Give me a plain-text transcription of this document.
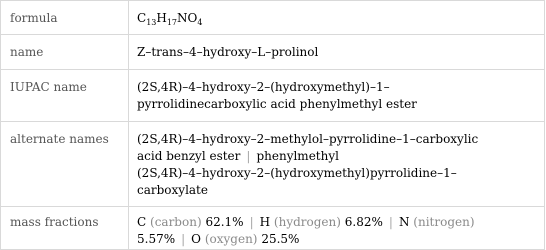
formula	$C_{13}H_{17}NO_4$

name	Z–trans–4–hydroxy–L–prolinol

IUPAC name	(2S,4R)–4–hydroxy–2–(hydroxymethyl)–1–
pyrrolidinecarboxylic acid phenylmethyl ester

alternate names	(2S,4R)–4–hydroxy–2–methylol–pyrrolidine–1–carboxylic
acid benzyl ester | phenylmethyl
(2S,4R)–4–hydroxy–2–(hydroxymethyl)pyrrolidine–1–
carboxylate

mass fractions	C (carbon) 62.1% | H (hydrogen) 6.82% | N (nitrogen)
5.57% | O (oxygen) 25.5%
